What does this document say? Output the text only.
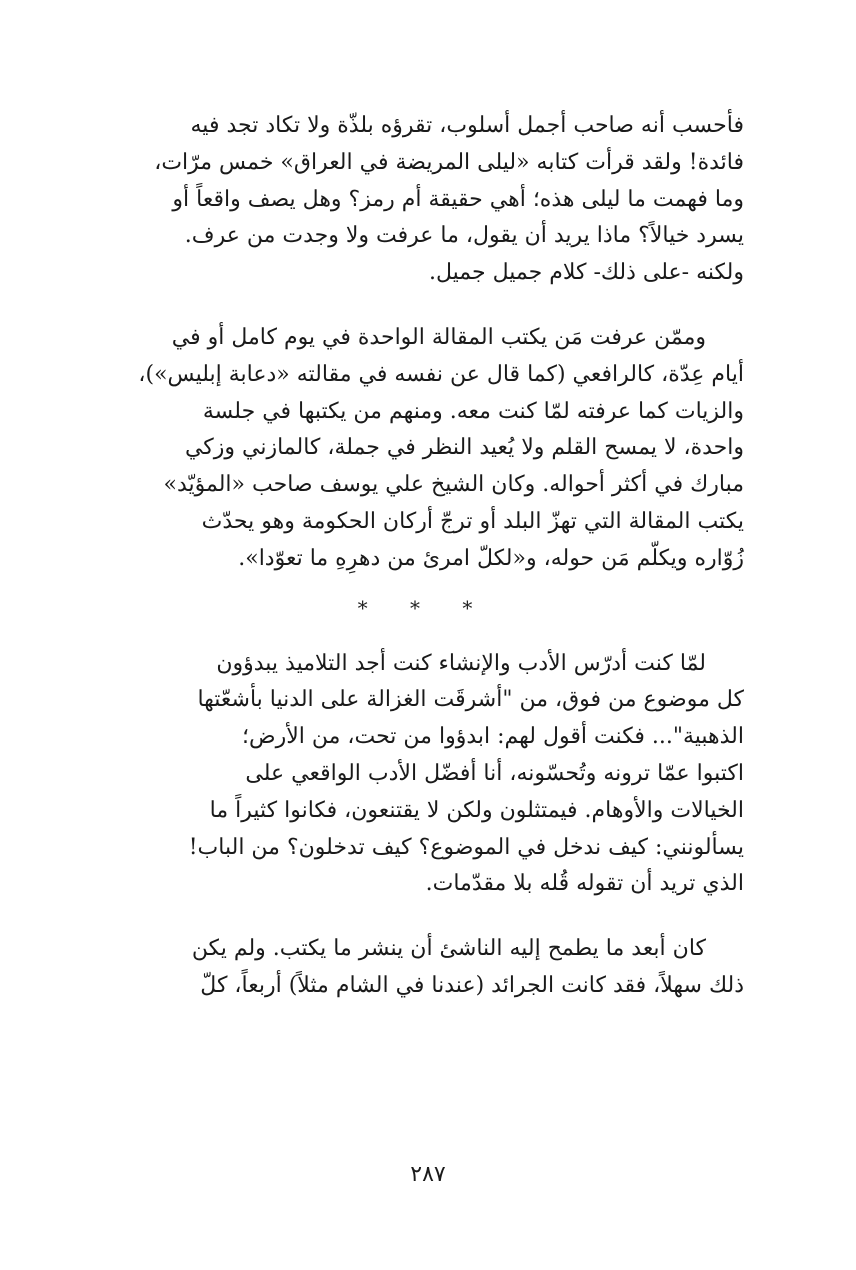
فأحسب أنه صاحب أجمل أسلوب، تقرؤه بلذّة ولا تكاد تجد فيه
فائدة! ولقد قرأت كتابه «ليلى المريضة في العراق» خمس مرّات،
وما فهمت ما ليلى هذه؛ أهي حقيقة أم رمز؟ وهل يصف واقعاً أو
يسرد خيالاً؟ ماذا يريد أن يقول، ما عرفت ولا وجدت من عرف.
ولكنه -على ذلك- كلام جميل جميل.

وممّن عرفت مَن يكتب المقالة الواحدة في يوم كامل أو في
أيام عِدّة، كالرافعي (كما قال عن نفسه في مقالته «دعابة إبليس»)،
والزيات كما عرفته لمّا كنت معه. ومنهم من يكتبها في جلسة
واحدة، لا يمسح القلم ولا يُعيد النظر في جملة، كالمازني وزكي
مبارك في أكثر أحواله. وكان الشيخ علي يوسف صاحب «المؤيّد»
يكتب المقالة التي تهزّ البلد أو ترجّ أركان الحكومة وهو يحدّث
زُوّاره ويكلّم مَن حوله، و«لكلّ امرئ من دهرِهِ ما تعوّدا».

* * *

لمّا كنت أدرّس الأدب والإنشاء كنت أجد التلاميذ يبدؤون
كل موضوع من فوق، من "أشرقَت الغزالة على الدنيا بأشعّتها
الذهبية"... فكنت أقول لهم: ابدؤوا من تحت، من الأرض؛
اكتبوا عمّا ترونه وتُحسّونه، أنا أفضّل الأدب الواقعي على
الخيالات والأوهام. فيمتثلون ولكن لا يقتنعون، فكانوا كثيراً ما
يسألونني: كيف ندخل في الموضوع؟ كيف تدخلون؟ من الباب!
الذي تريد أن تقوله قُله بلا مقدّمات.

كان أبعد ما يطمح إليه الناشئ أن ينشر ما يكتب. ولم يكن
ذلك سهلاً، فقد كانت الجرائد (عندنا في الشام مثلاً) أربعاً، كلّ

٢٨٧
